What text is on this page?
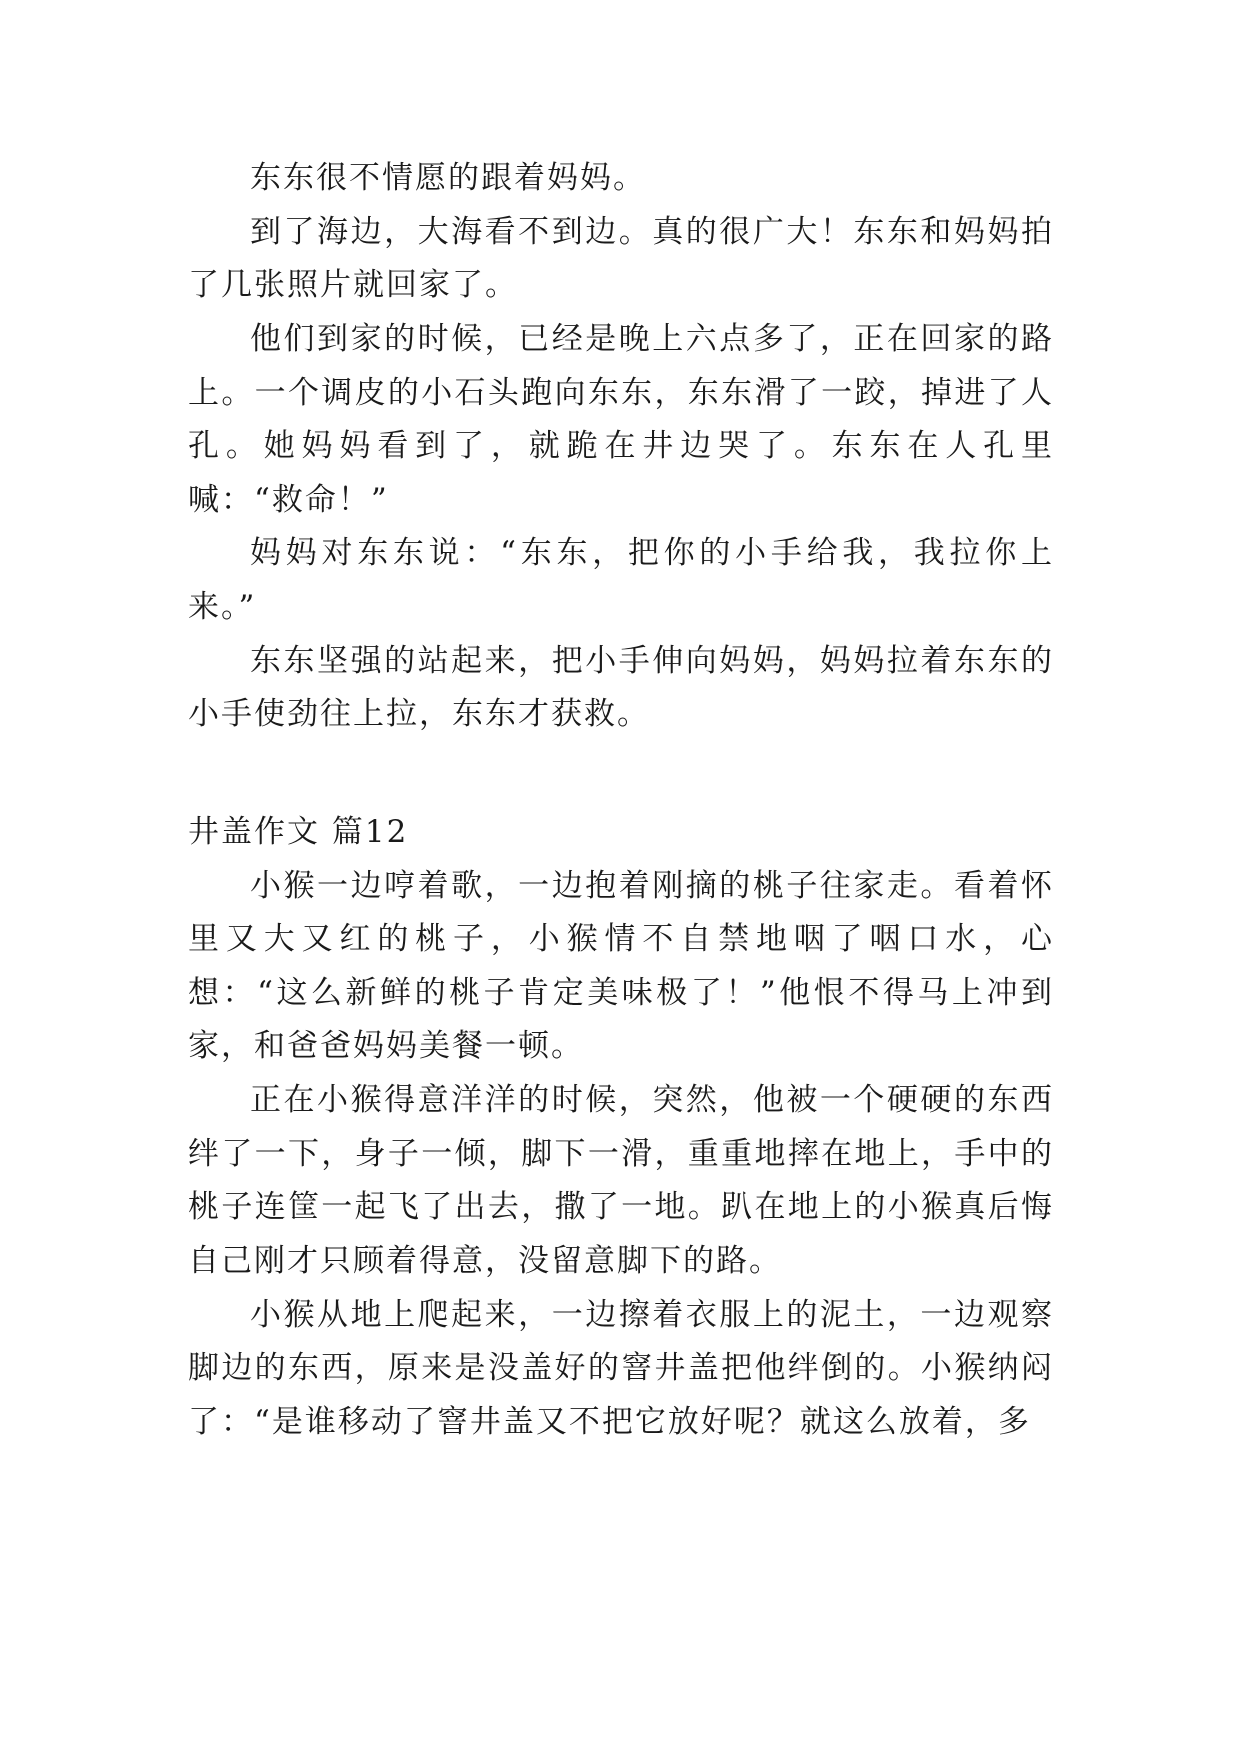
东东很不情愿的跟着妈妈。

到了海边，大海看不到边。真的很广大！东东和妈妈拍了几张照片就回家了。

他们到家的时候，已经是晚上六点多了，正在回家的路上。一个调皮的小石头跑向东东，东东滑了一跤，掉进了人孔。她妈妈看到了，就跪在井边哭了。东东在人孔里喊：“救命！”

妈妈对东东说：“东东，把你的小手给我，我拉你上来。”

东东坚强的站起来，把小手伸向妈妈，妈妈拉着东东的小手使劲往上拉，东东才获救。

井盖作文 篇12

小猴一边哼着歌，一边抱着刚摘的桃子往家走。看着怀里又大又红的桃子，小猴情不自禁地咽了咽口水，心想：“这么新鲜的桃子肯定美味极了！”他恨不得马上冲到家，和爸爸妈妈美餐一顿。

正在小猴得意洋洋的时候，突然，他被一个硬硬的东西绊了一下，身子一倾，脚下一滑，重重地摔在地上，手中的桃子连筐一起飞了出去，撒了一地。趴在地上的小猴真后悔自己刚才只顾着得意，没留意脚下的路。

小猴从地上爬起来，一边擦着衣服上的泥土，一边观察脚边的东西，原来是没盖好的窨井盖把他绊倒的。小猴纳闷了：“是谁移动了窨井盖又不把它放好呢？就这么放着，多
